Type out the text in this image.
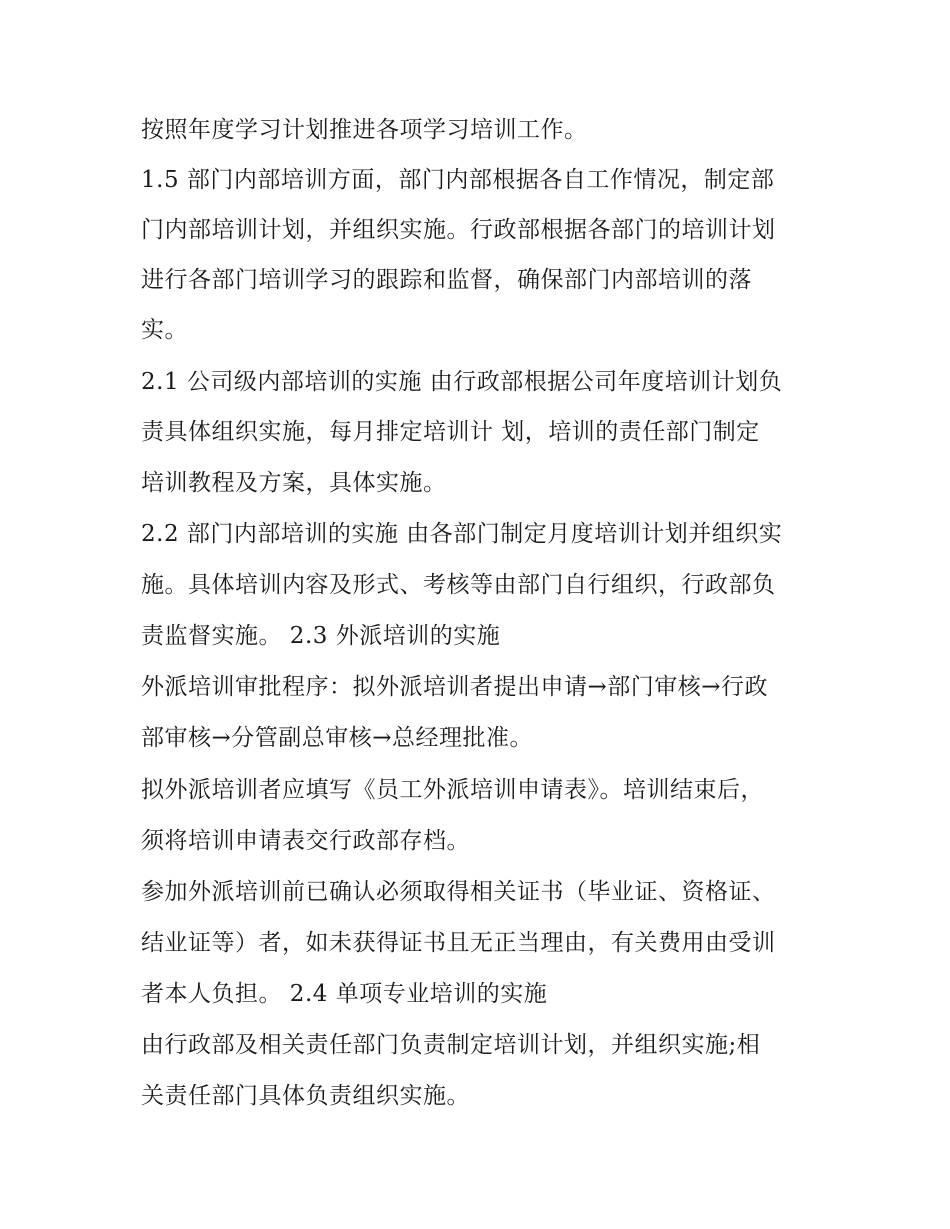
按照年度学习计划推进各项学习培训工作。
1.5 部门内部培训方面，部门内部根据各自工作情况，制定部
门内部培训计划，并组织实施。行政部根据各部门的培训计划
进行各部门培训学习的跟踪和监督，确保部门内部培训的落
实。
2.1 公司级内部培训的实施 由行政部根据公司年度培训计划负
责具体组织实施，每月排定培训计 划，培训的责任部门制定
培训教程及方案，具体实施。
2.2 部门内部培训的实施 由各部门制定月度培训计划并组织实
施。具体培训内容及形式、考核等由部门自行组织，行政部负
责监督实施。 2.3 外派培训的实施
外派培训审批程序：拟外派培训者提出申请→部门审核→行政
部审核→分管副总审核→总经理批准。
拟外派培训者应填写《员工外派培训申请表》。培训结束后，
须将培训申请表交行政部存档。
参加外派培训前已确认必须取得相关证书（毕业证、资格证、
结业证等）者，如未获得证书且无正当理由，有关费用由受训
者本人负担。 2.4 单项专业培训的实施
由行政部及相关责任部门负责制定培训计划，并组织实施;相
关责任部门具体负责组织实施。
